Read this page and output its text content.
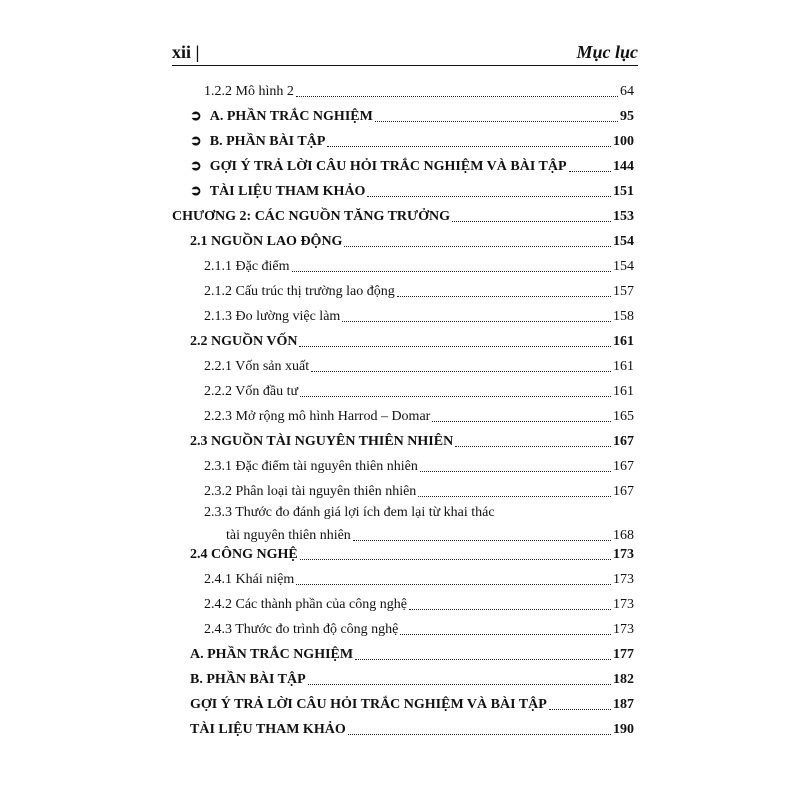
xii |	Mục lục
1.2.2 Mô hình 2	64
➲ A. PHẦN TRẮC NGHIỆM	95
➲ B. PHẦN BÀI TẬP	100
➲ GỢI Ý TRẢ LỜI CÂU HỎI TRẮC NGHIỆM VÀ BÀI TẬP	144
➲ TÀI LIỆU THAM KHẢO	151
CHƯƠNG 2: CÁC NGUỒN TĂNG TRƯỞNG	153
2.1 NGUỒN LAO ĐỘNG	154
2.1.1 Đặc điểm	154
2.1.2 Cấu trúc thị trường lao động	157
2.1.3 Đo lường việc làm	158
2.2 NGUỒN VỐN	161
2.2.1 Vốn sản xuất	161
2.2.2 Vốn đầu tư	161
2.2.3 Mở rộng mô hình Harrod – Domar	165
2.3 NGUỒN TÀI NGUYÊN THIÊN NHIÊN	167
2.3.1 Đặc điểm tài nguyên thiên nhiên	167
2.3.2 Phân loại tài nguyên thiên nhiên	167
2.3.3 Thước đo đánh giá lợi ích đem lại từ khai thác
tài nguyên thiên nhiên	168
2.4 CÔNG NGHỆ	173
2.4.1 Khái niệm	173
2.4.2 Các thành phần của công nghệ	173
2.4.3 Thước đo trình độ công nghệ	173
A. PHẦN TRẮC NGHIỆM	177
B. PHẦN BÀI TẬP	182
GỢI Ý TRẢ LỜI CÂU HỎI TRẮC NGHIỆM VÀ BÀI TẬP	187
TÀI LIỆU THAM KHẢO	190
